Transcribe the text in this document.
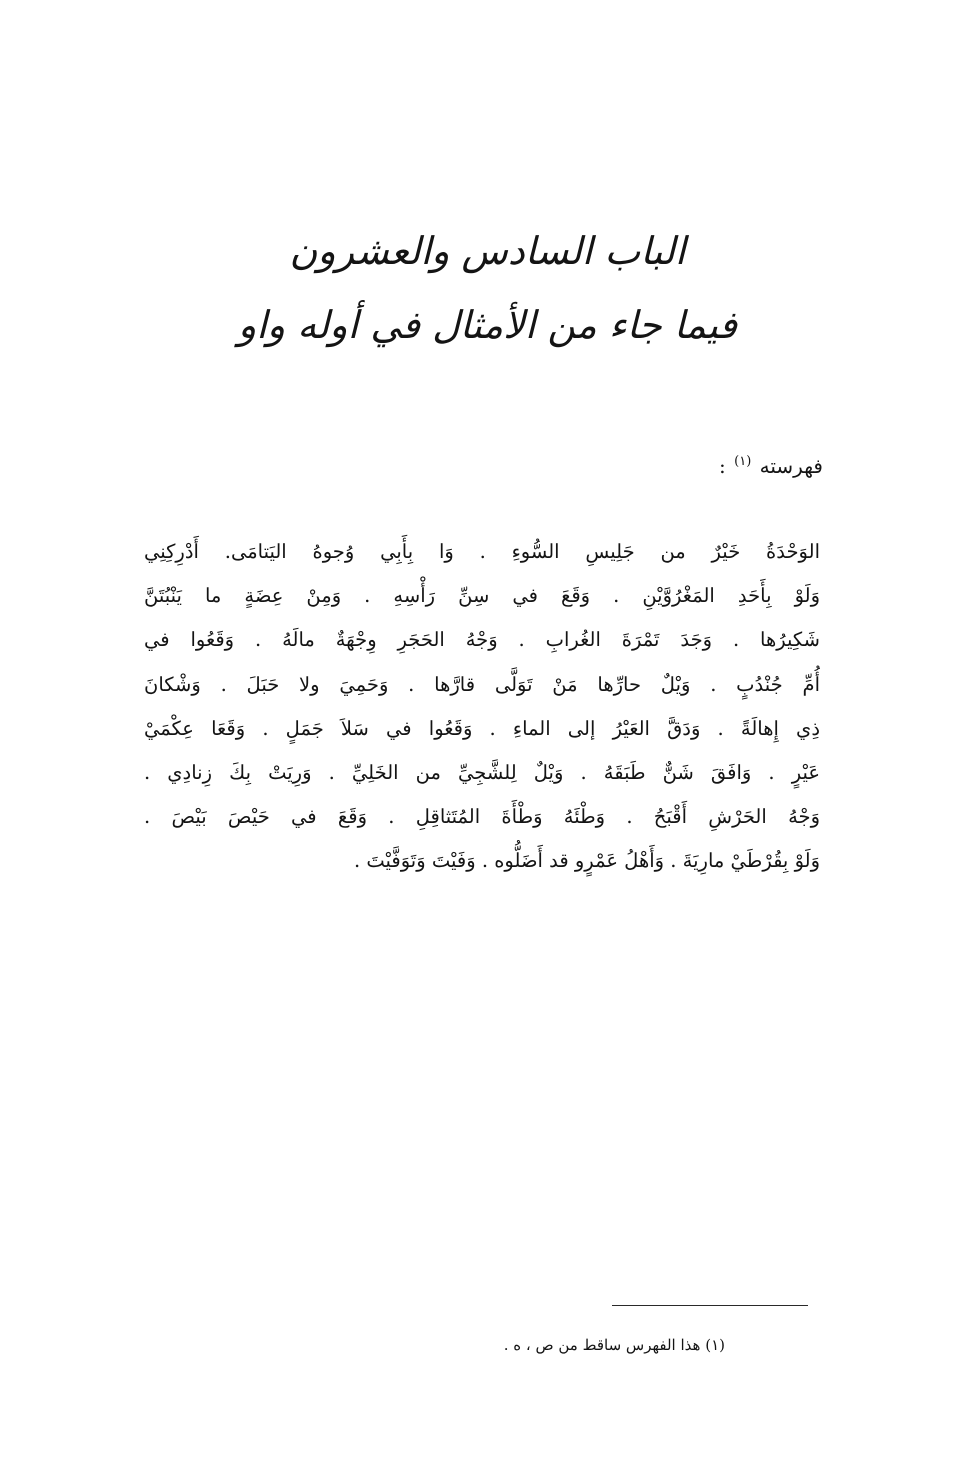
الباب السادس والعشرون
فيما جاء من الأمثال في أوله واو
فهرسته $^{(١)}$ :
الوَحْدَةُ خَيْرٌ من جَلِيسِ السُّوءِ . وَا بِأَبِي وُجوهُ اليَتامَى. أَدْرِكِنِي
وَلَوْ بِأَحَدِ المَغْرُوَّيْنِ . وَقَعَ في سِنِّ رَأْسِهِ . وَمِنْ عِضَةٍ ما يَنْبُتَنَّ
شَكِيرُها . وَجَدَ تَمْرَةَ الغُرابِ . وَجْهُ الحَجَرِ وِجْهَةٌ مالَهُ . وَقَعُوا في
أُمِّ جُنْدُبٍ . وَيْلٌ حارِّها مَنْ تَوَلَّى قارَّها . وَحَمِيَ ولا حَبَلَ . وَشْكانَ
ذِي إِهالَةً . وَدَقَّ العَيْرُ إلى الماءِ . وَقَعُوا في سَلاَ جَمَلٍ . وَقَعَا عِكْمَيْ
عَيْرٍ . وَافَقَ شَنٌّ طَبَقَهُ . وَيْلٌ لِلشَّجِيِّ من الخَلِيِّ . وَرِيَتْ بِكَ زِنادِي .
وَجْهُ الحَرْشِ أَقْبَحُ . وَطْئَهُ وَطْأَةَ المُتَثاقِلِ . وَقَعَ في حَيْصَ بَيْصَ .
وَلَوْ بِقُرْطَيْ مارِيَةَ . وَأَهْلُ عَمْرٍو قد أَضَلُّوه . وَفَيْتَ وَتَوَفَّيْتَ .
(١) هذا الفهرس ساقط من ص ، ه .
